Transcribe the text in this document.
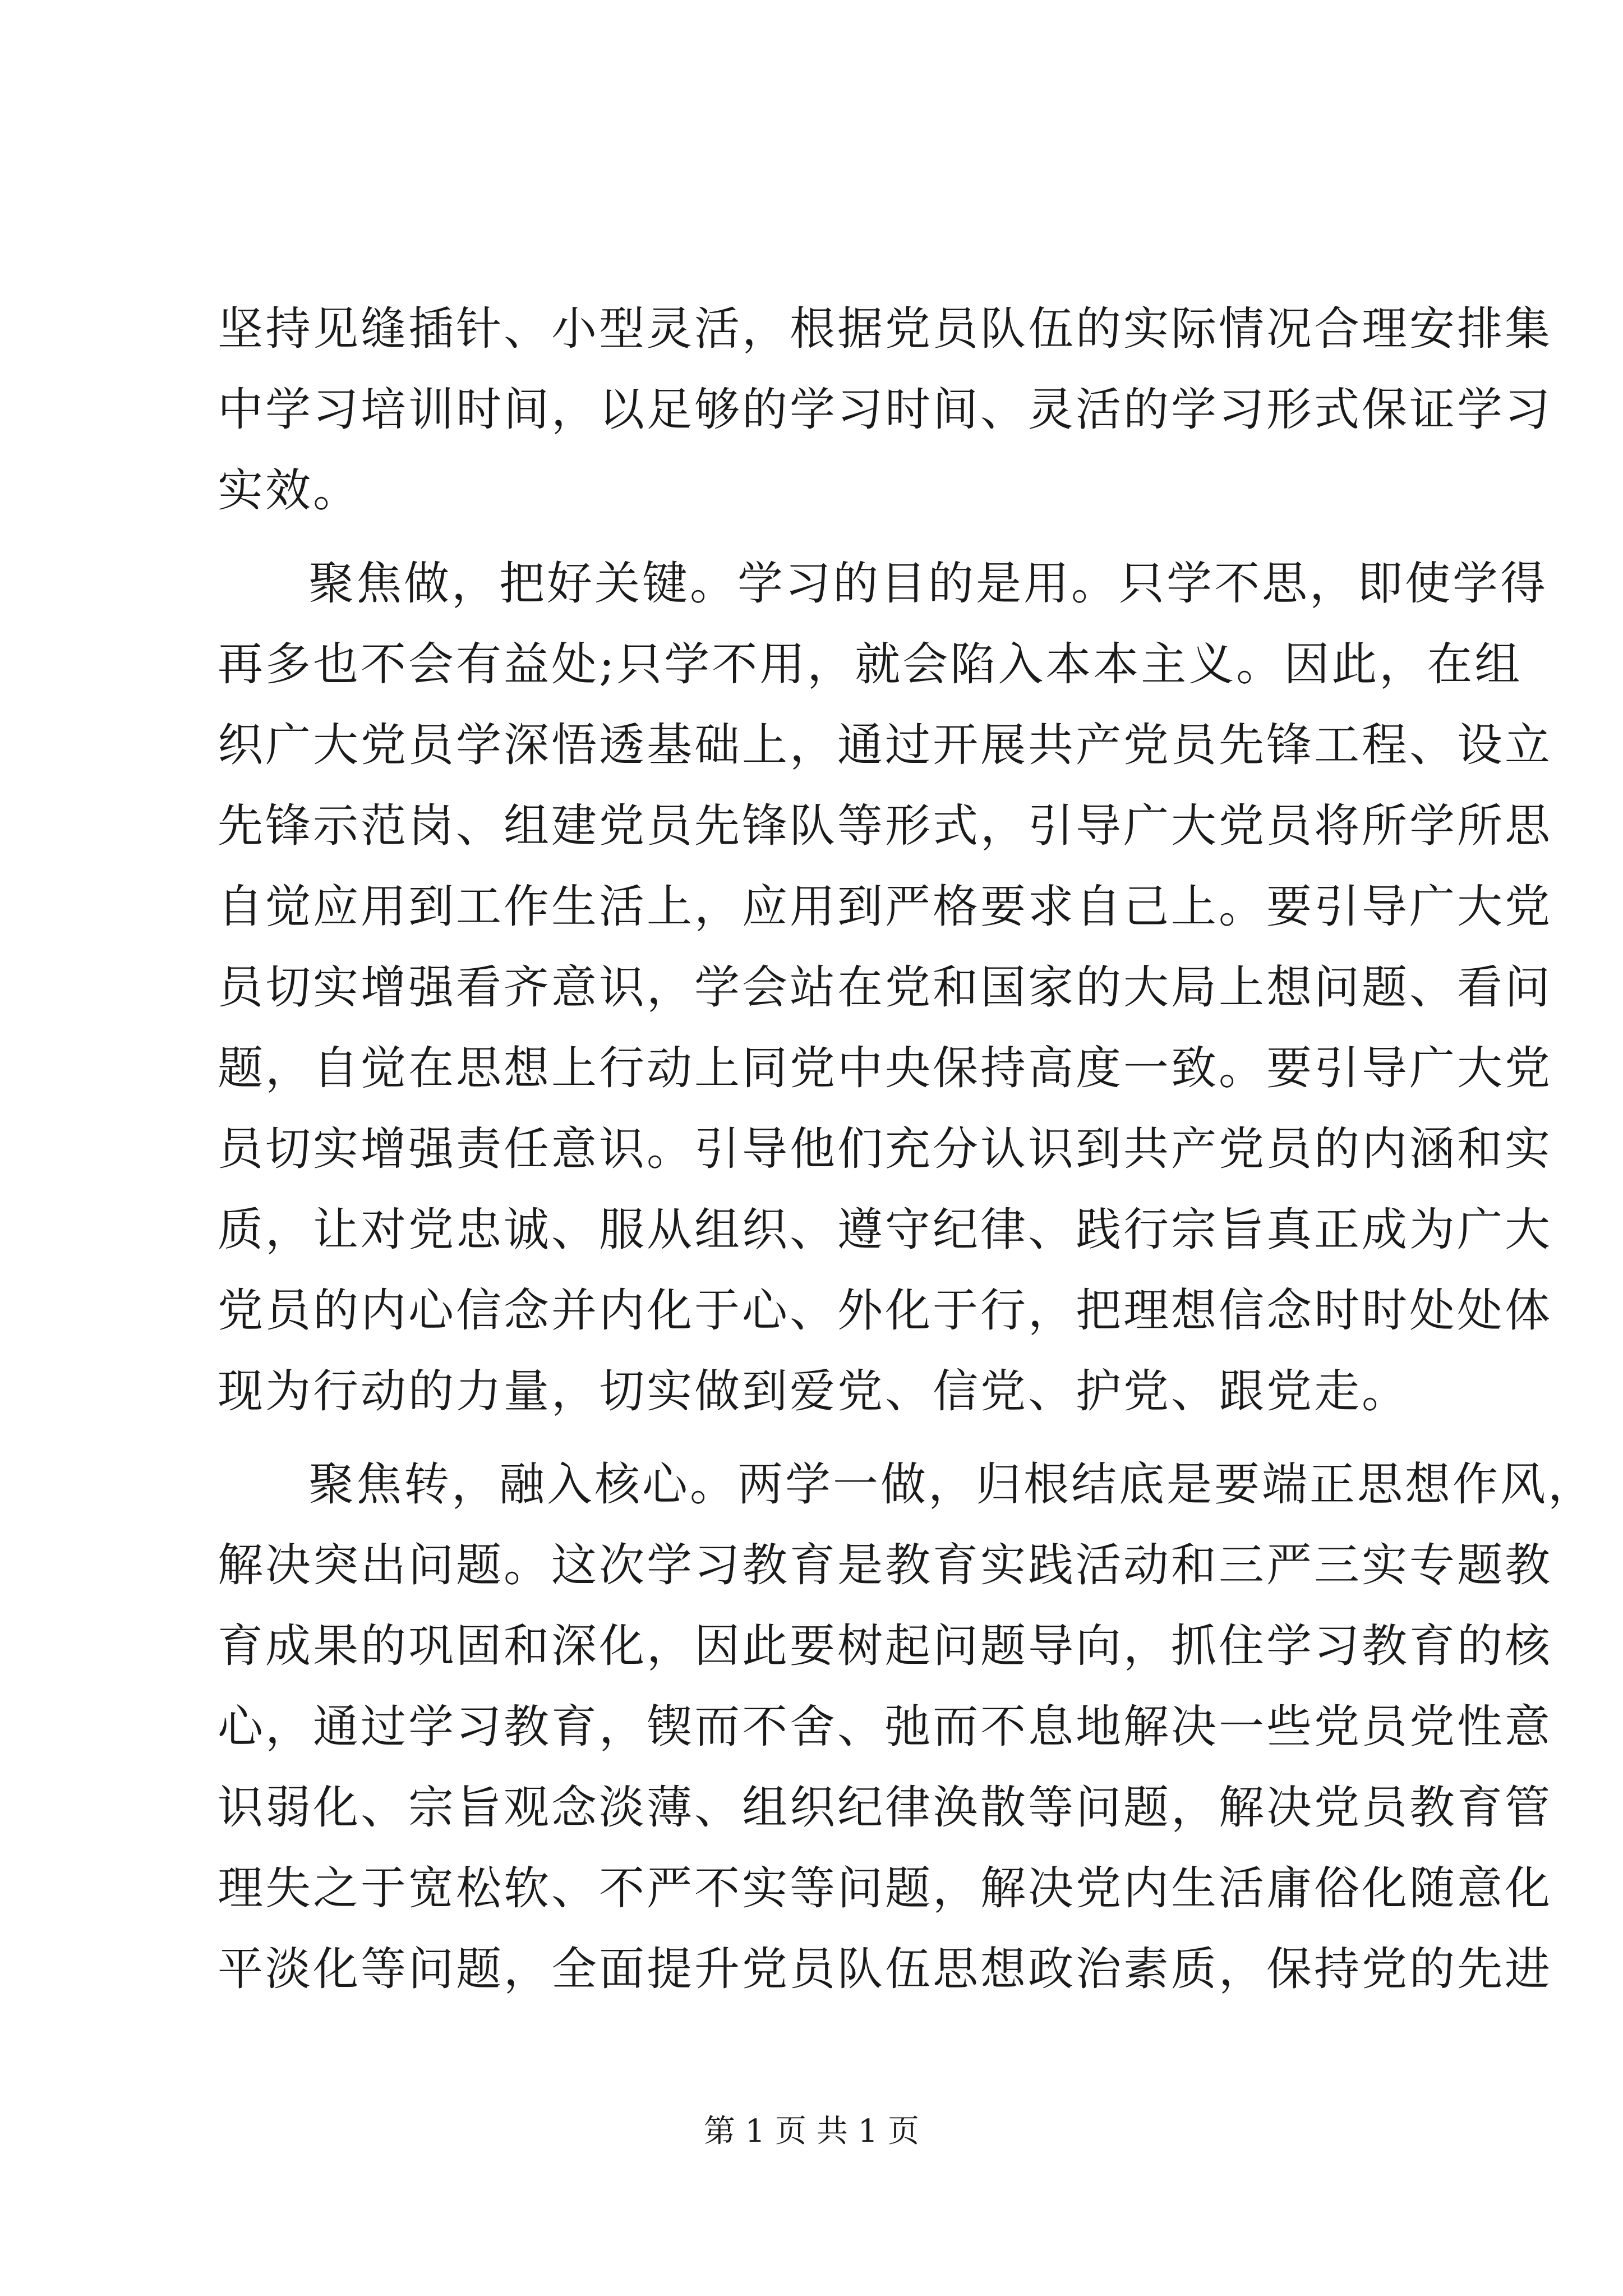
坚持见缝插针、小型灵活，根据党员队伍的实际情况合理安排集
中学习培训时间，以足够的学习时间、灵活的学习形式保证学习
实效。
聚焦做，把好关键。学习的目的是用。只学不思，即使学得
再多也不会有益处;只学不用，就会陷入本本主义。因此，在组
织广大党员学深悟透基础上，通过开展共产党员先锋工程、设立
先锋示范岗、组建党员先锋队等形式，引导广大党员将所学所思
自觉应用到工作生活上，应用到严格要求自己上。要引导广大党
员切实增强看齐意识，学会站在党和国家的大局上想问题、看问
题，自觉在思想上行动上同党中央保持高度一致。要引导广大党
员切实增强责任意识。引导他们充分认识到共产党员的内涵和实
质，让对党忠诚、服从组织、遵守纪律、践行宗旨真正成为广大
党员的内心信念并内化于心、外化于行，把理想信念时时处处体
现为行动的力量，切实做到爱党、信党、护党、跟党走。
聚焦转，融入核心。两学一做，归根结底是要端正思想作风，
解决突出问题。这次学习教育是教育实践活动和三严三实专题教
育成果的巩固和深化，因此要树起问题导向，抓住学习教育的核
心，通过学习教育，锲而不舍、弛而不息地解决一些党员党性意
识弱化、宗旨观念淡薄、组织纪律涣散等问题，解决党员教育管
理失之于宽松软、不严不实等问题，解决党内生活庸俗化随意化
平淡化等问题，全面提升党员队伍思想政治素质，保持党的先进
第 1 页 共 1 页
